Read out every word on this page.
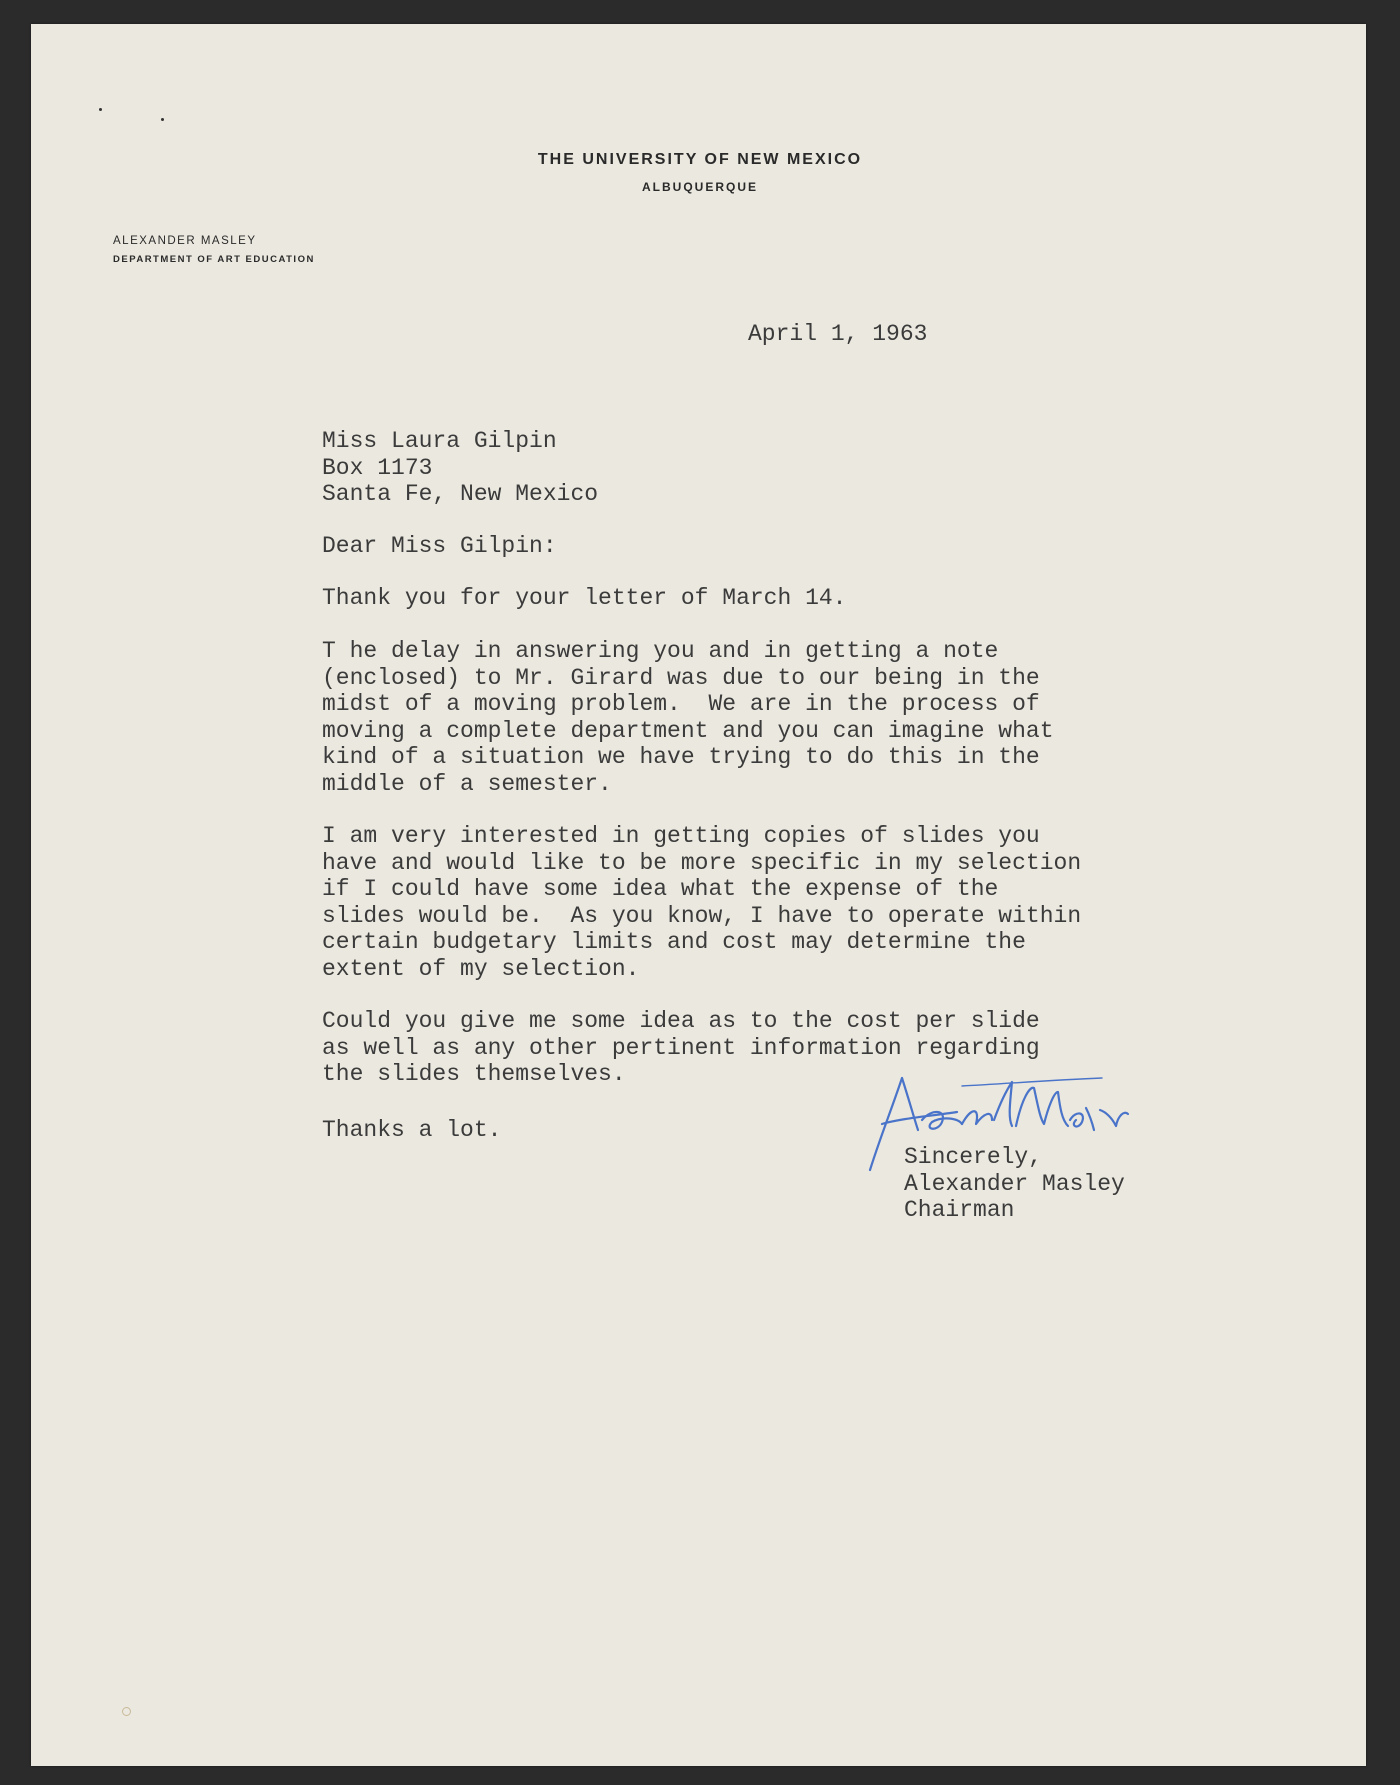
THE UNIVERSITY OF NEW MEXICO
ALBUQUERQUE
ALEXANDER MASLEY
DEPARTMENT OF ART EDUCATION
April 1, 1963
Miss Laura Gilpin
Box 1173
Santa Fe, New Mexico
Dear Miss Gilpin:
Thank you for your letter of March 14.
T he delay in answering you and in getting a note
(enclosed) to Mr. Girard was due to our being in the
midst of a moving problem.  We are in the process of
moving a complete department and you can imagine what
kind of a situation we have trying to do this in the
middle of a semester.
I am very interested in getting copies of slides you
have and would like to be more specific in my selection
if I could have some idea what the expense of the
slides would be.  As you know, I have to operate within
certain budgetary limits and cost may determine the
extent of my selection.
Could you give me some idea as to the cost per slide
as well as any other pertinent information regarding
the slides themselves.
Thanks a lot.
Sincerely,
Alexander Masley
Chairman
